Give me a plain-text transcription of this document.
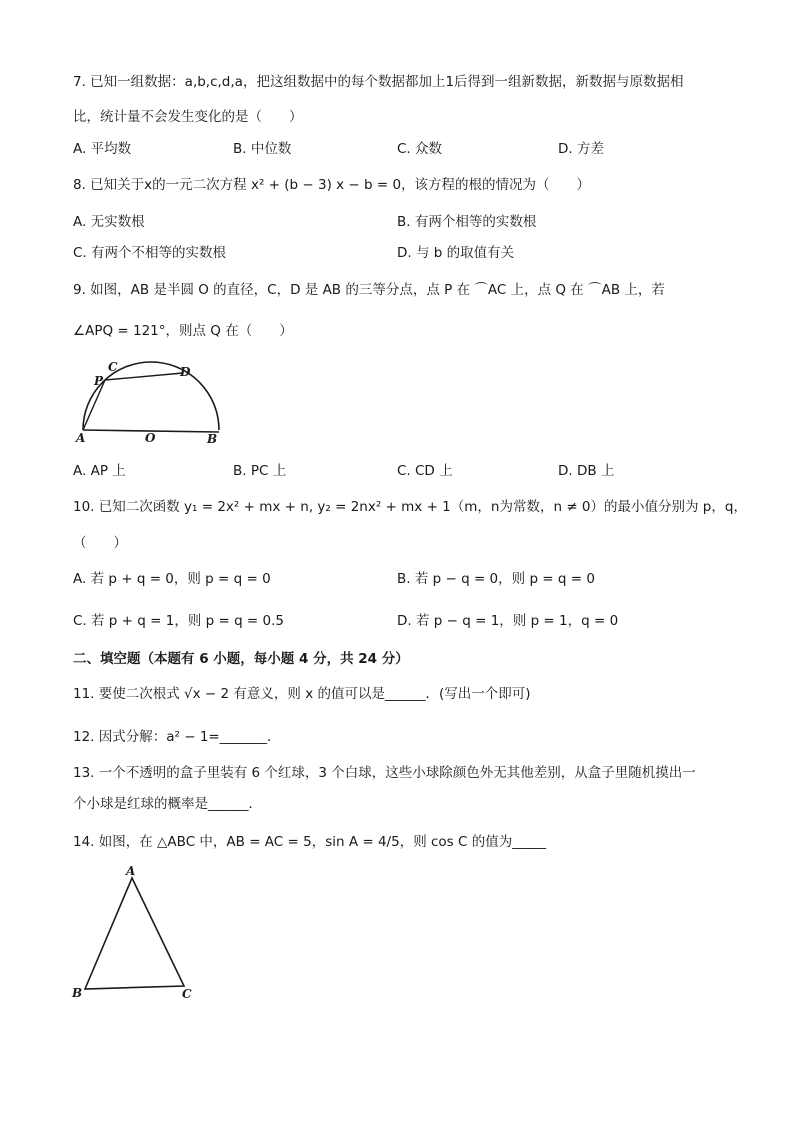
7. 已知一组数据：a,b,c,d,a，把这组数据中的每个数据都加上1后得到一组新数据，新数据与原数据相
比，统计量不会发生变化的是（　　）
A. 平均数	B. 中位数	C. 众数	D. 方差
8. 已知关于x的一元二次方程 x² + (b − 3) x − b = 0，该方程的根的情况为（　　）
A. 无实数根	B. 有两个相等的实数根
C. 有两个不相等的实数根	D. 与 b 的取值有关
9. 如图，AB 是半圆 O 的直径，C，D 是 AB 的三等分点，点 P 在 ⌒AC 上，点 Q 在 ⌒AB 上，若
∠APQ = 121°，则点 Q 在（　　）
A	O	B
C	D
P
A. AP 上	B. PC 上	C. CD 上	D. DB 上
10. 已知二次函数 y₁ = 2x² + mx + n, y₂ = 2nx² + mx + 1（m，n为常数，n ≠ 0）的最小值分别为 p，q，
（　　）
A. 若 p + q = 0，则 p = q = 0	B. 若 p − q = 0，则 p = q = 0
C. 若 p + q = 1，则 p = q = 0.5	D. 若 p − q = 1，则 p = 1，q = 0
二、填空题（本题有 6 小题，每小题 4 分，共 24 分）
11. 要使二次根式 √x − 2 有意义，则 x 的值可以是______．(写出一个即可)
12. 因式分解：a² − 1=_______．
13. 一个不透明的盒子里装有 6 个红球，3 个白球，这些小球除颜色外无其他差别，从盒子里随机摸出一
个小球是红球的概率是______．
14. 如图，在 △ABC 中，AB = AC = 5，sin A = 4/5，则 cos C 的值为_____
A
B	C
